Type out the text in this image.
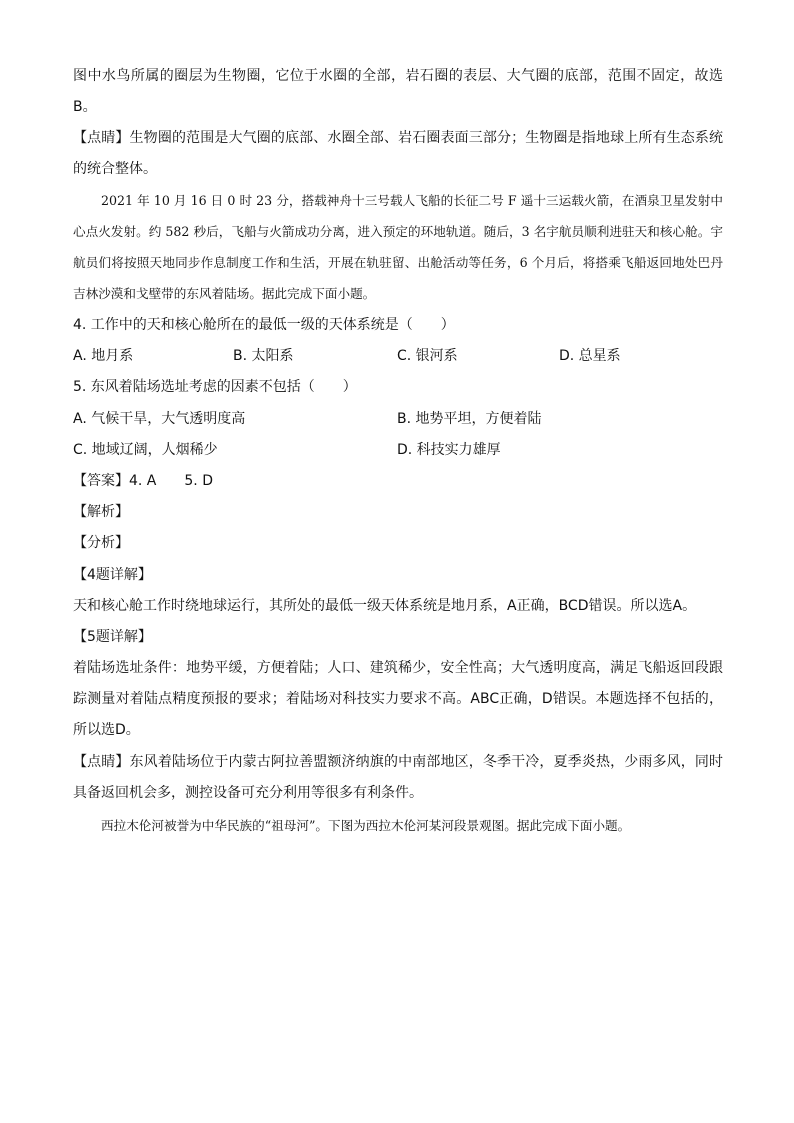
图中水鸟所属的圈层为生物圈，它位于水圈的全部，岩石圈的表层、大气圈的底部，范围不固定，故选B。

【点睛】生物圈的范围是大气圈的底部、水圈全部、岩石圈表面三部分；生物圈是指地球上所有生态系统的统合整体。

2021 年 10 月 16 日 0 时 23 分，搭载神舟十三号载人飞船的长征二号 F 遥十三运载火箭，在酒泉卫星发射中心点火发射。约 582 秒后，飞船与火箭成功分离，进入预定的环地轨道。随后，3 名宇航员顺利进驻天和核心舱。宇航员们将按照天地同步作息制度工作和生活，开展在轨驻留、出舱活动等任务，6 个月后，将搭乘飞船返回地处巴丹吉林沙漠和戈壁带的东风着陆场。据此完成下面小题。

4. 工作中的天和核心舱所在的最低一级的天体系统是（　　）
A. 地月系	B. 太阳系	C. 银河系	D. 总星系
5. 东风着陆场选址考虑的因素不包括（　　）
A. 气候干旱，大气透明度高	B. 地势平坦，方便着陆
C. 地域辽阔，人烟稀少	D. 科技实力雄厚
【答案】4. A　　5. D
【解析】
【分析】
【4题详解】

天和核心舱工作时绕地球运行，其所处的最低一级天体系统是地月系，A正确，BCD错误。所以选A。

【5题详解】

着陆场选址条件：地势平缓，方便着陆；人口、建筑稀少，安全性高；大气透明度高，满足飞船返回段跟踪测量对着陆点精度预报的要求；着陆场对科技实力要求不高。ABC正确，D错误。本题选择不包括的，所以选D。

【点睛】东风着陆场位于内蒙古阿拉善盟额济纳旗的中南部地区，冬季干冷，夏季炎热，少雨多风，同时具备返回机会多，测控设备可充分利用等很多有利条件。

西拉木伦河被誉为中华民族的“祖母河”。下图为西拉木伦河某河段景观图。据此完成下面小题。
